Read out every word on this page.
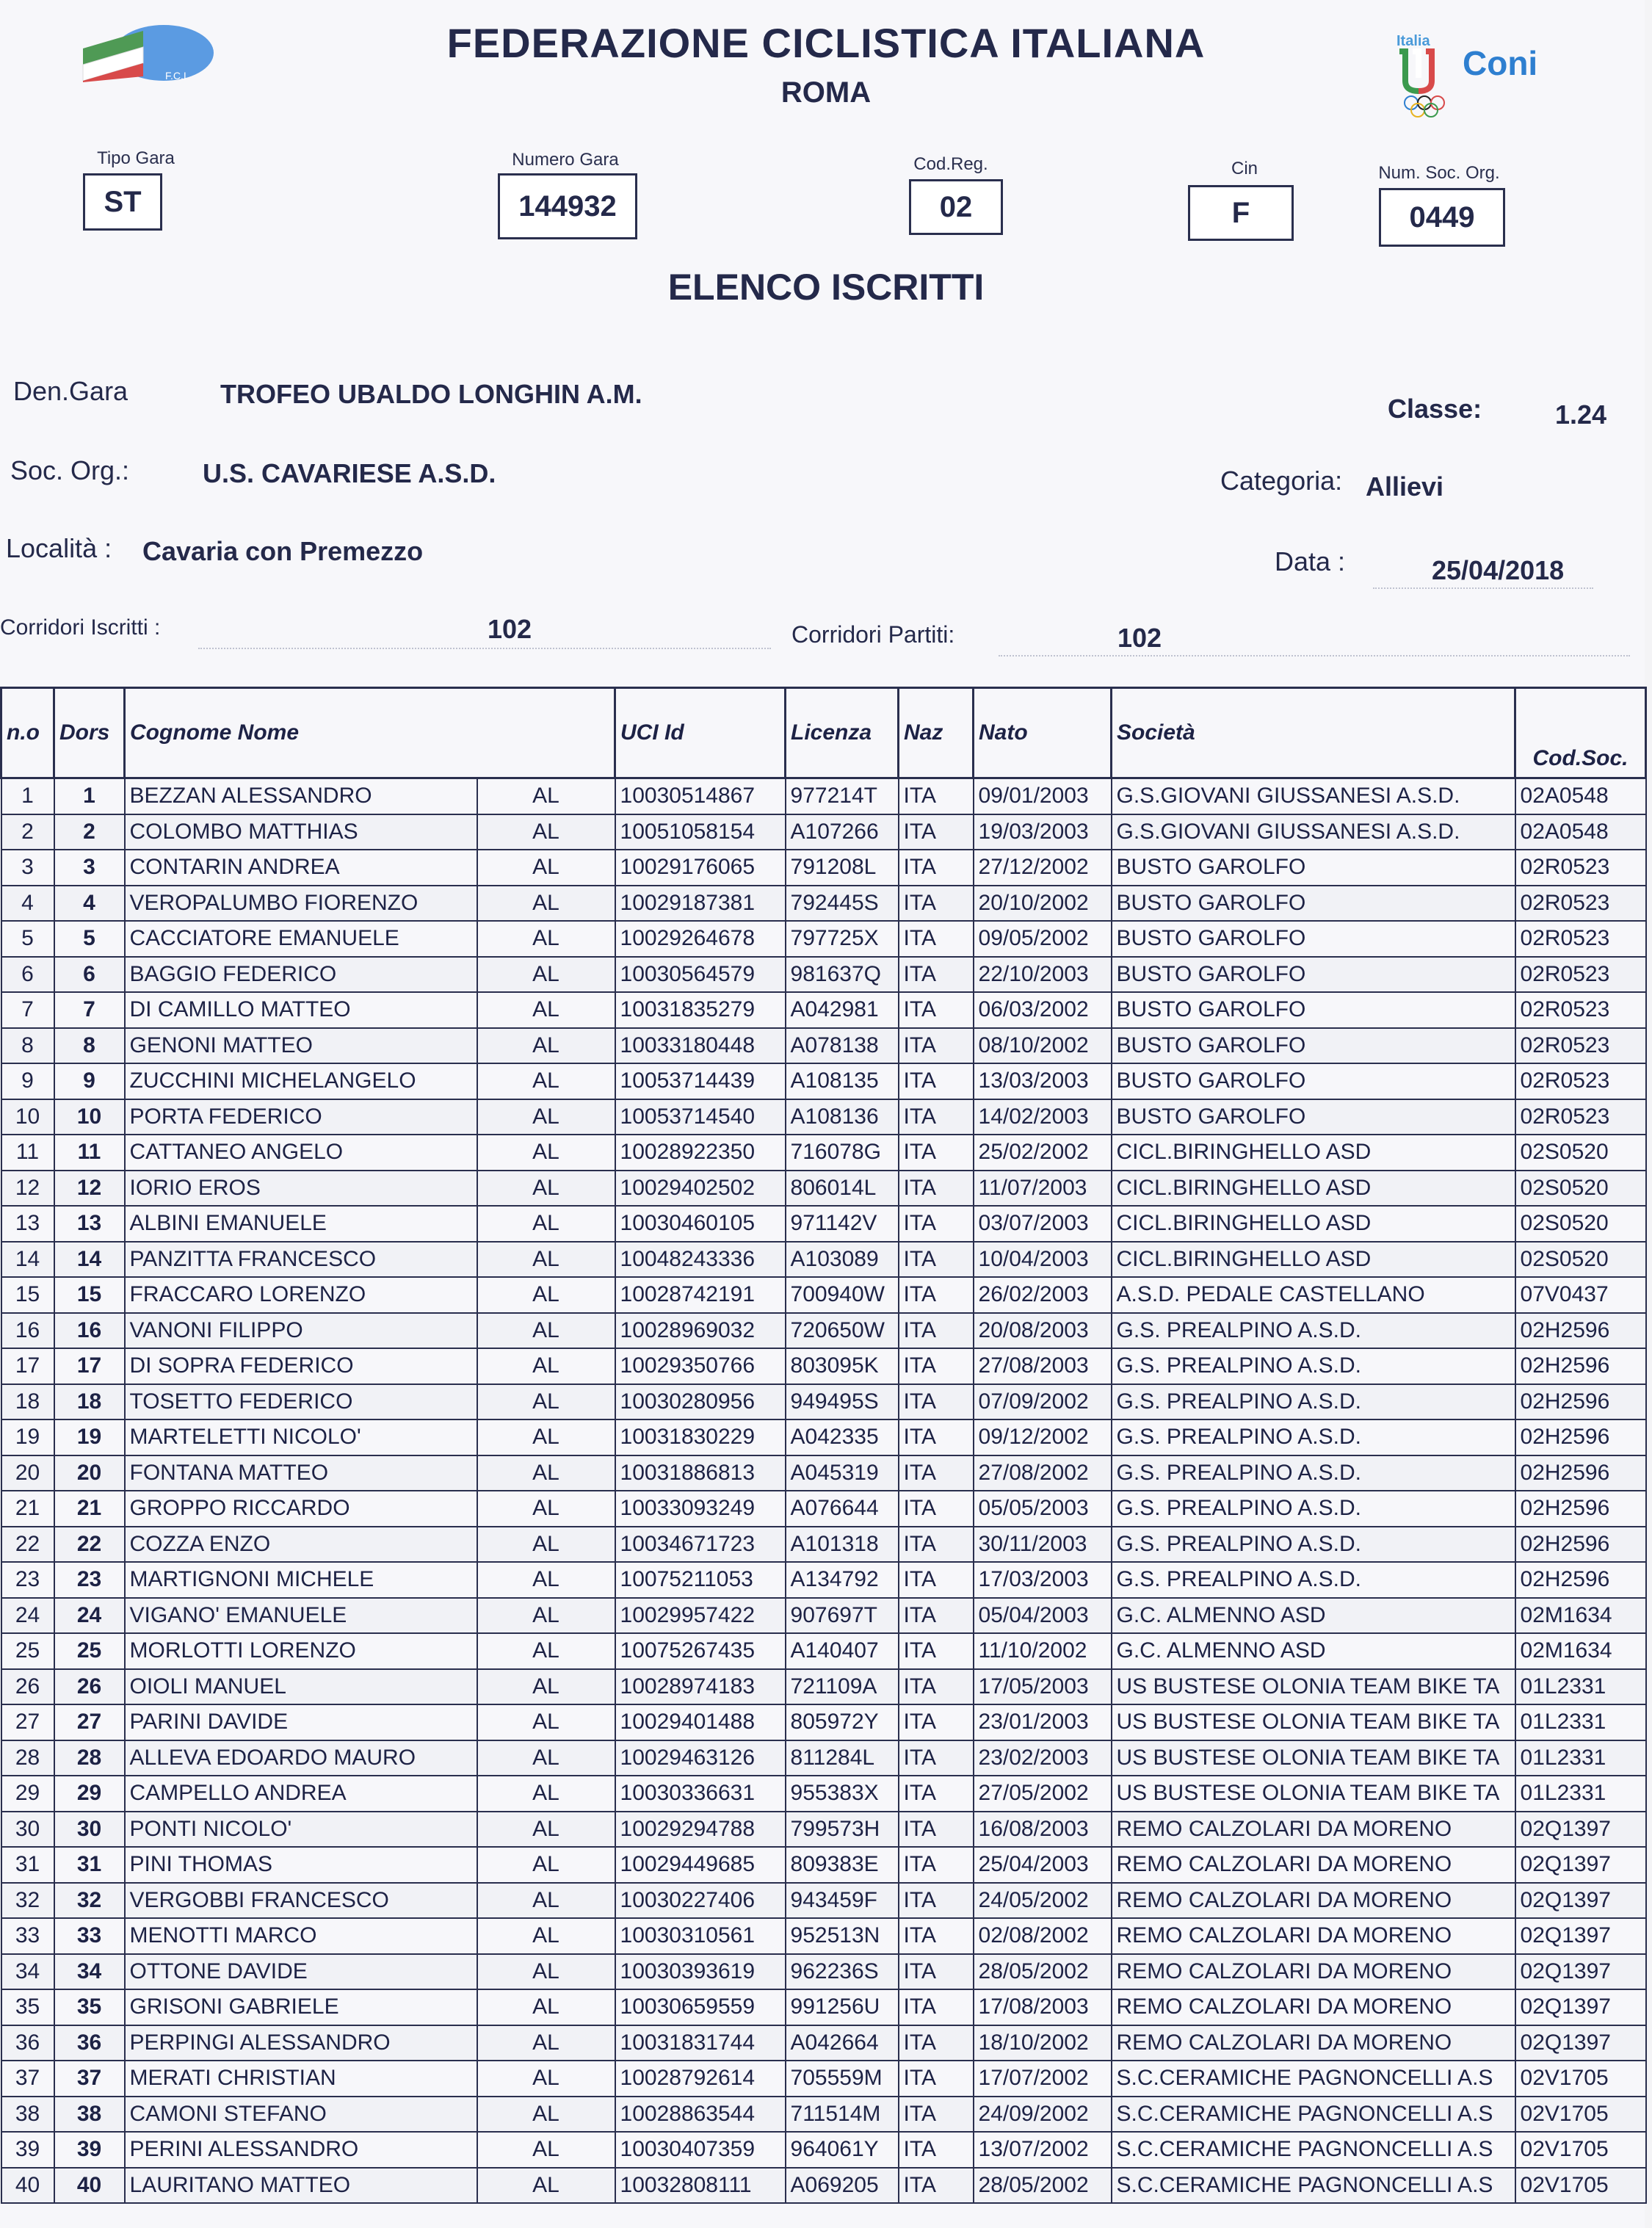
F.C.I
FEDERAZIONE CICLISTICA ITALIANA
ROMA
Italia
Coni
Tipo Gara
ST
Numero Gara
144932
Cod.Reg.
02
Cin
F
Num. Soc. Org.
0449
ELENCO ISCRITTI
Den.Gara	TROFEO UBALDO LONGHIN A.M.	Classe:	1.24
Soc. Org.:	U.S. CAVARIESE A.S.D.	Categoria: Allievi
Località : Cavaria con Premezzo	Data :	25/04/2018
Corridori Iscritti :	102	Corridori Partiti:	102
n.o	Dors	Cognome Nome		UCI Id	Licenza	Naz	Nato	Società	Cod.Soc.
1	1	BEZZAN ALESSANDRO	AL	10030514867	977214T	ITA	09/01/2003	G.S.GIOVANI GIUSSANESI A.S.D.	02A0548
2	2	COLOMBO MATTHIAS	AL	10051058154	A107266	ITA	19/03/2003	G.S.GIOVANI GIUSSANESI A.S.D.	02A0548
3	3	CONTARIN ANDREA	AL	10029176065	791208L	ITA	27/12/2002	BUSTO GAROLFO	02R0523
4	4	VEROPALUMBO FIORENZO	AL	10029187381	792445S	ITA	20/10/2002	BUSTO GAROLFO	02R0523
5	5	CACCIATORE EMANUELE	AL	10029264678	797725X	ITA	09/05/2002	BUSTO GAROLFO	02R0523
6	6	BAGGIO FEDERICO	AL	10030564579	981637Q	ITA	22/10/2003	BUSTO GAROLFO	02R0523
7	7	DI CAMILLO MATTEO	AL	10031835279	A042981	ITA	06/03/2002	BUSTO GAROLFO	02R0523
8	8	GENONI MATTEO	AL	10033180448	A078138	ITA	08/10/2002	BUSTO GAROLFO	02R0523
9	9	ZUCCHINI MICHELANGELO	AL	10053714439	A108135	ITA	13/03/2003	BUSTO GAROLFO	02R0523
10	10	PORTA FEDERICO	AL	10053714540	A108136	ITA	14/02/2003	BUSTO GAROLFO	02R0523
11	11	CATTANEO ANGELO	AL	10028922350	716078G	ITA	25/02/2002	CICL.BIRINGHELLO ASD	02S0520
12	12	IORIO EROS	AL	10029402502	806014L	ITA	11/07/2003	CICL.BIRINGHELLO ASD	02S0520
13	13	ALBINI EMANUELE	AL	10030460105	971142V	ITA	03/07/2003	CICL.BIRINGHELLO ASD	02S0520
14	14	PANZITTA FRANCESCO	AL	10048243336	A103089	ITA	10/04/2003	CICL.BIRINGHELLO ASD	02S0520
15	15	FRACCARO LORENZO	AL	10028742191	700940W	ITA	26/02/2003	A.S.D. PEDALE CASTELLANO	07V0437
16	16	VANONI FILIPPO	AL	10028969032	720650W	ITA	20/08/2003	G.S. PREALPINO A.S.D.	02H2596
17	17	DI SOPRA FEDERICO	AL	10029350766	803095K	ITA	27/08/2003	G.S. PREALPINO A.S.D.	02H2596
18	18	TOSETTO FEDERICO	AL	10030280956	949495S	ITA	07/09/2002	G.S. PREALPINO A.S.D.	02H2596
19	19	MARTELETTI NICOLO'	AL	10031830229	A042335	ITA	09/12/2002	G.S. PREALPINO A.S.D.	02H2596
20	20	FONTANA MATTEO	AL	10031886813	A045319	ITA	27/08/2002	G.S. PREALPINO A.S.D.	02H2596
21	21	GROPPO RICCARDO	AL	10033093249	A076644	ITA	05/05/2003	G.S. PREALPINO A.S.D.	02H2596
22	22	COZZA ENZO	AL	10034671723	A101318	ITA	30/11/2003	G.S. PREALPINO A.S.D.	02H2596
23	23	MARTIGNONI MICHELE	AL	10075211053	A134792	ITA	17/03/2003	G.S. PREALPINO A.S.D.	02H2596
24	24	VIGANO' EMANUELE	AL	10029957422	907697T	ITA	05/04/2003	G.C. ALMENNO ASD	02M1634
25	25	MORLOTTI LORENZO	AL	10075267435	A140407	ITA	11/10/2002	G.C. ALMENNO ASD	02M1634
26	26	OIOLI MANUEL	AL	10028974183	721109A	ITA	17/05/2003	US BUSTESE OLONIA TEAM BIKE TA	01L2331
27	27	PARINI DAVIDE	AL	10029401488	805972Y	ITA	23/01/2003	US BUSTESE OLONIA TEAM BIKE TA	01L2331
28	28	ALLEVA EDOARDO MAURO	AL	10029463126	811284L	ITA	23/02/2003	US BUSTESE OLONIA TEAM BIKE TA	01L2331
29	29	CAMPELLO ANDREA	AL	10030336631	955383X	ITA	27/05/2002	US BUSTESE OLONIA TEAM BIKE TA	01L2331
30	30	PONTI NICOLO'	AL	10029294788	799573H	ITA	16/08/2003	REMO CALZOLARI DA MORENO	02Q1397
31	31	PINI THOMAS	AL	10029449685	809383E	ITA	25/04/2003	REMO CALZOLARI DA MORENO	02Q1397
32	32	VERGOBBI FRANCESCO	AL	10030227406	943459F	ITA	24/05/2002	REMO CALZOLARI DA MORENO	02Q1397
33	33	MENOTTI MARCO	AL	10030310561	952513N	ITA	02/08/2002	REMO CALZOLARI DA MORENO	02Q1397
34	34	OTTONE DAVIDE	AL	10030393619	962236S	ITA	28/05/2002	REMO CALZOLARI DA MORENO	02Q1397
35	35	GRISONI GABRIELE	AL	10030659559	991256U	ITA	17/08/2003	REMO CALZOLARI DA MORENO	02Q1397
36	36	PERPINGI ALESSANDRO	AL	10031831744	A042664	ITA	18/10/2002	REMO CALZOLARI DA MORENO	02Q1397
37	37	MERATI CHRISTIAN	AL	10028792614	705559M	ITA	17/07/2002	S.C.CERAMICHE PAGNONCELLI A.S	02V1705
38	38	CAMONI STEFANO	AL	10028863544	711514M	ITA	24/09/2002	S.C.CERAMICHE PAGNONCELLI A.S	02V1705
39	39	PERINI ALESSANDRO	AL	10030407359	964061Y	ITA	13/07/2002	S.C.CERAMICHE PAGNONCELLI A.S	02V1705
40	40	LAURITANO MATTEO	AL	10032808111	A069205	ITA	28/05/2002	S.C.CERAMICHE PAGNONCELLI A.S	02V1705
